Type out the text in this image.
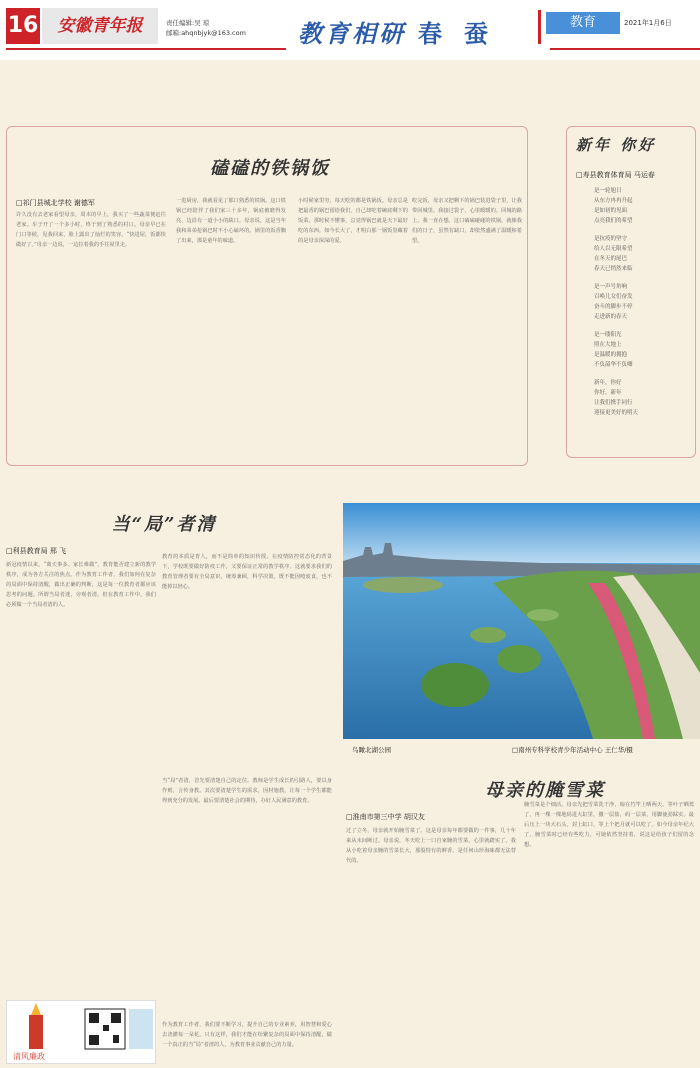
16	安徽青年报	责任编辑:吴 琼
邮箱:ahqnbjyk@163.com 教育相研 春蚕	教育	2021年1月6日
磕磕的铁锅饭
□祁门县城北学校 谢德军
许久没有去老家看望母亲，周末的早上，我买了一些蔬菜便赶往老家。车子开了一个多小时，终于到了熟悉的村口。母亲早已在门口等候，见我回来，脸上露出了灿烂的笑容。“快进屋，饭都快做好了。”母亲一边说，一边拉着我的手往屋里走。
一进厨房，我就看见了那口熟悉的铁锅。这口铁锅已经陪伴了我们家三十多年，锅底被磨得发亮，边沿有一道小小的缺口。母亲说，这是当年我和弟弟抢锅巴时不小心磕坏的。锅里的饭香飘了出来，那是童年的味道。
小时候家里穷，每天吃的都是铁锅饭。母亲总是把最香的锅巴留给我们，自己却吃着碗底剩下的饭菜。那时候不懂事，总觉得锅巴就是天下最好吃的东西。如今长大了，才明白那一锅饭里藏着的是母亲深深的爱。
吃完饭，母亲又把剩下的锅巴装进袋子里，让我带回城里。我接过袋子，心里暖暖的。回城的路上，我一直在想，这口磕磕碰碰的铁锅，就像我们的日子，虽然有缺口，却依然盛满了温暖和希望。
新年 你好
□寿县教育体育局 马运春
是一轮旭日
从东方冉冉升起
是如初的见面
点亮我们的希望
是抗疫的坚守
给人以无限希望
在冬天的尾巴
春天已悄然来临
是一声号角响
召唤儿女们奋发
奋斗的脚步不停
走进新的春天
是一缕阳光
照在大地上
是温暖的拥抱
不负韶华不负卿
新年，你好
你好，新年
让我们携手同行
迎接更美好的明天
当“局”者清
□利县教育局 邢 飞
新冠疫情以来，“离天事多、家长难做”，教育能否建立新的教学秩序，成为各方关注的焦点。作为教育工作者，我们如何在复杂的局面中保持清醒，做出正确的判断，这是每一位教育者都应该思考的问题。所谓当局者迷，旁观者清，但在教育工作中，我们必须做一个当局者清的人。
教育的本质是育人，而不是简单的知识传授。在疫情防控常态化的背景下，学校既要做好防疫工作，又要保证正常的教学秩序。这就要求我们的教育管理者要有全局意识，统筹兼顾，科学决策，既不能因噎废食，也不能掉以轻心。
当“局”者清，首先要清楚自己的定位。教师是学生成长的引路人，要以身作则，言传身教。其次要清楚学生的需求，因材施教，让每一个学生都能得到充分的发展。最后要清楚社会的期待，办好人民满意的教育。
作为教育工作者，我们要不断学习，提升自己的专业素养，用智慧和爱心去浇灌每一朵花。只有这样，我们才能在纷繁复杂的局面中保持清醒，做一个真正的当“局”者清的人，为教育事业贡献自己的力量。
鸟瞰北湖公园	□南州专科学校青少年活动中心 王仁华/摄
母亲的腌雪菜
□淮南市第三中学 胡汉友
过了立冬，母亲就开始腌雪菜了。这是母亲每年都要做的一件事，几十年来从未间断过。母亲说，冬天吃上一口自家腌的雪菜，心里就踏实了。我从小吃着母亲腌的雪菜长大，那股特有的鲜香，是任何山珍海味都无法替代的。
腌雪菜是个细活。母亲先把雪菜洗干净，晾在竹竿上晒两天，等叶子晒蔫了，再一棵一棵地码进大缸里，撒一层盐，码一层菜，用脚使劲踩实。最后压上一块大石头，封上缸口，等上个把月就可以吃了。如今母亲年纪大了，腌雪菜时已经有些吃力，可她依然坚持着，说这是给孩子们留的念想。
清风廉政
